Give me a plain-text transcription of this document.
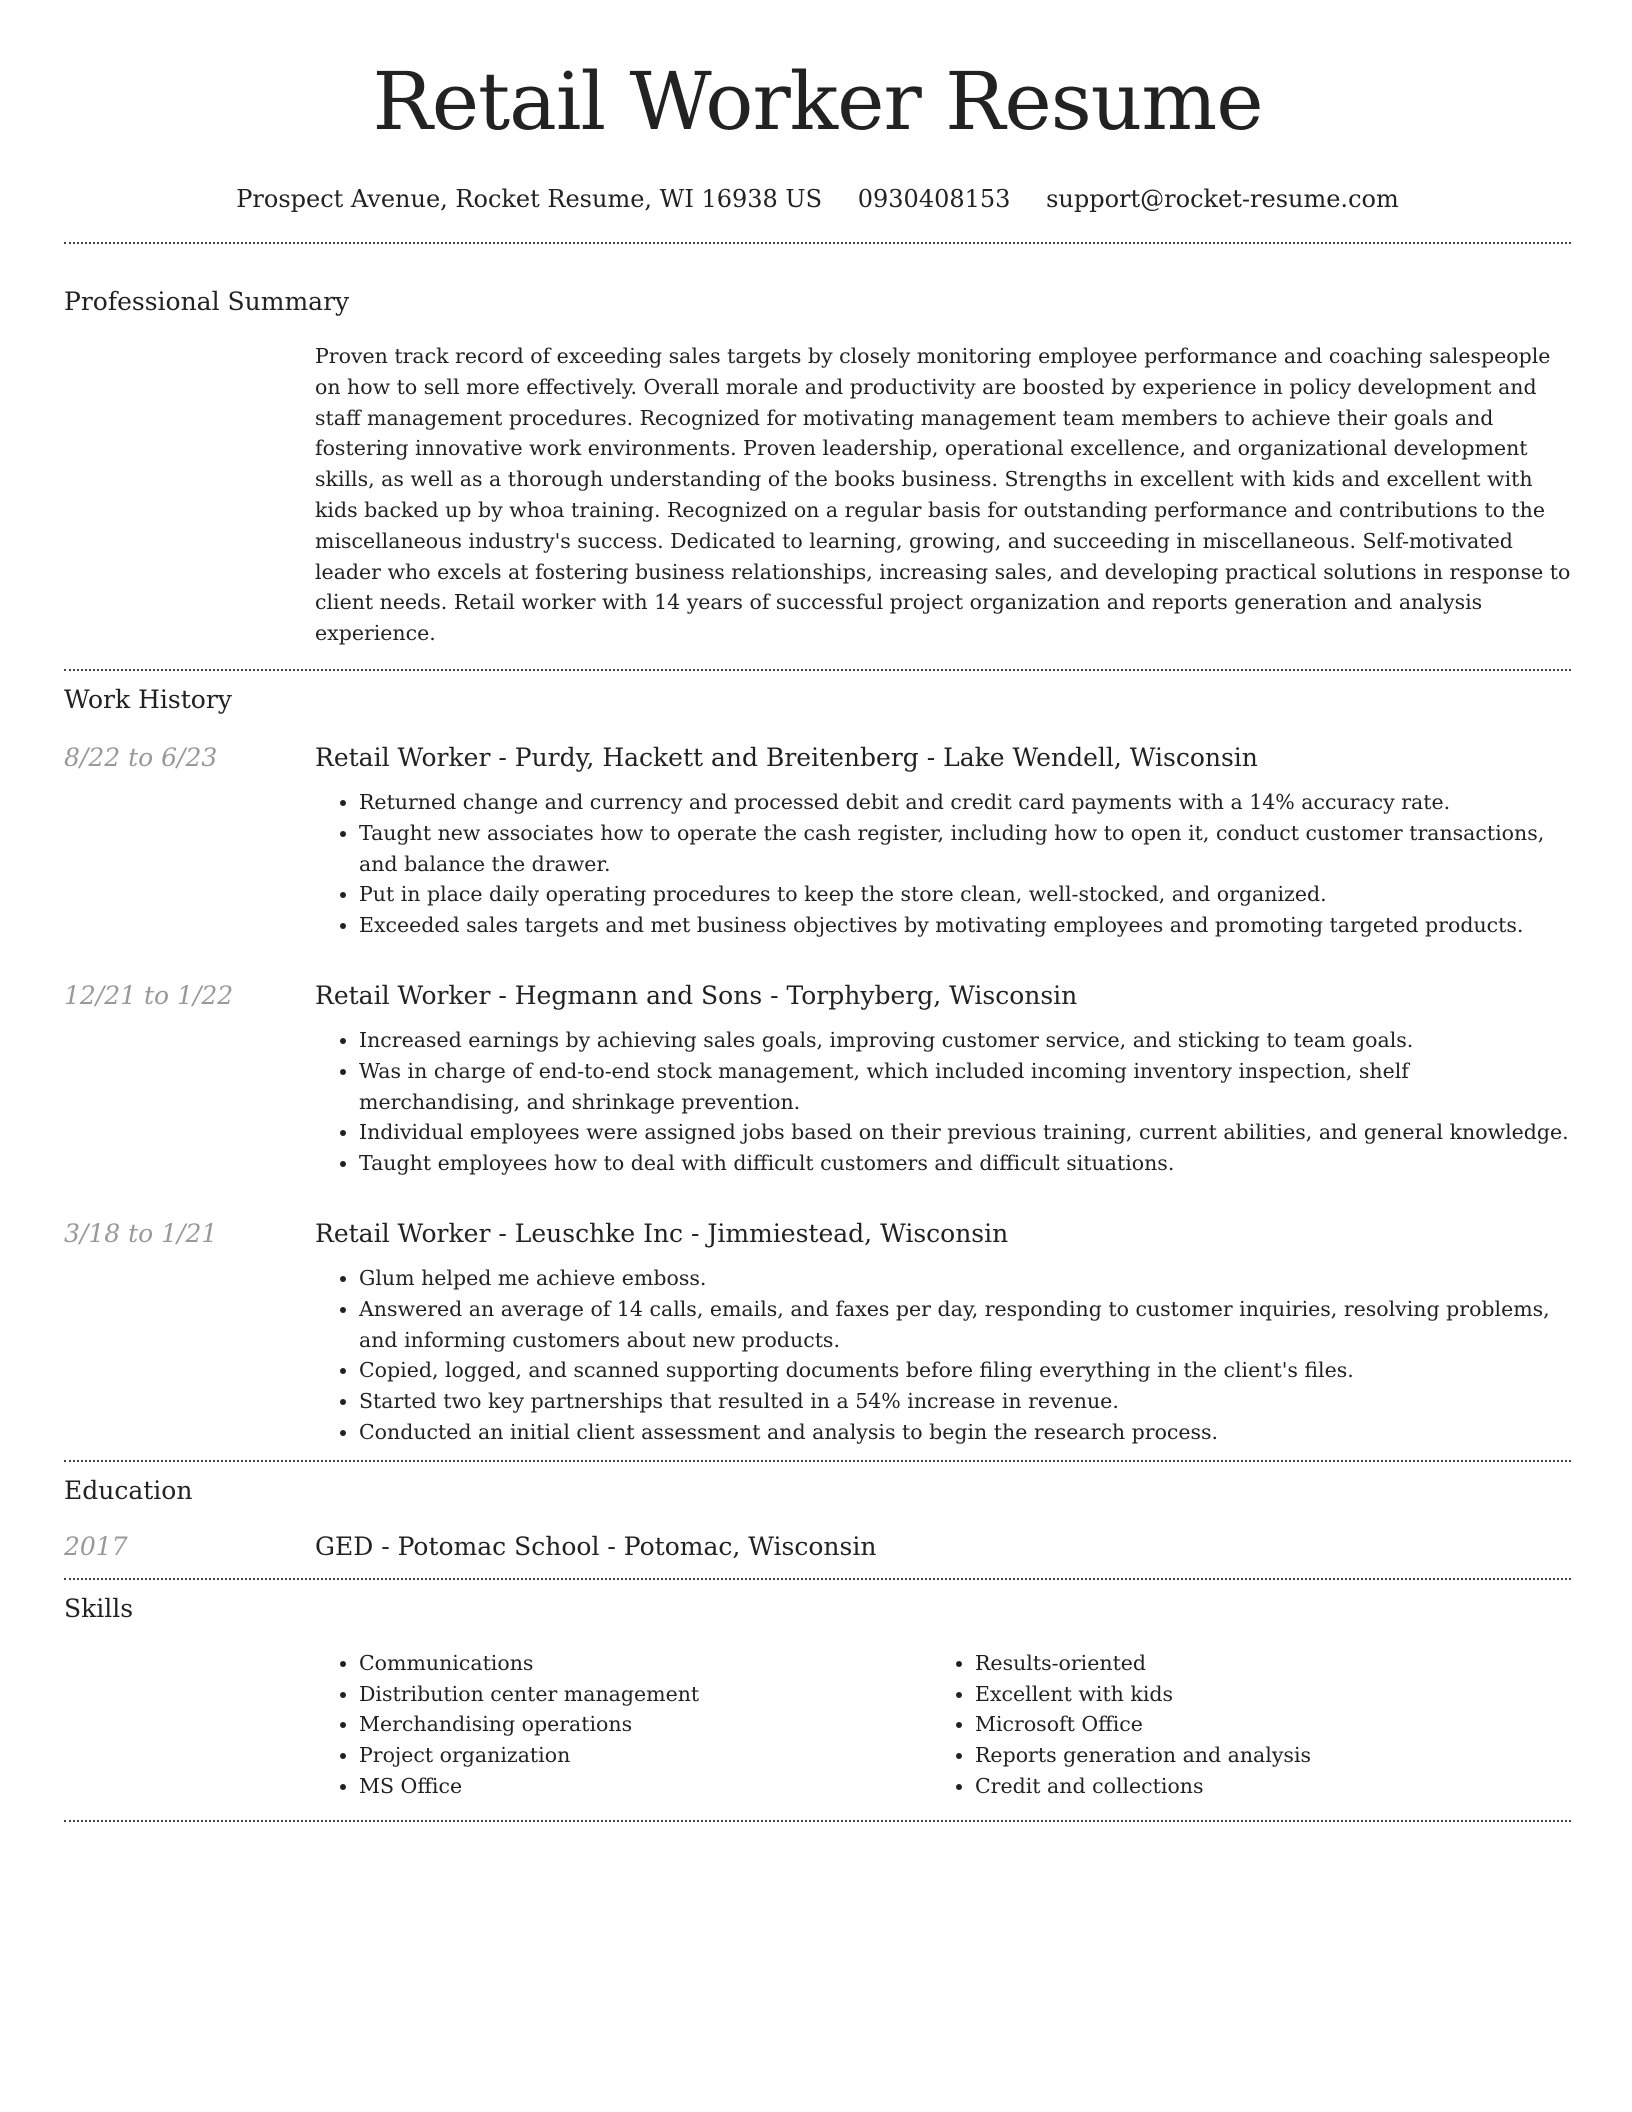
Retail Worker Resume
Prospect Avenue, Rocket Resume, WI 16938 US 0930408153 support@rocket-resume.com
Professional Summary

Proven track record of exceeding sales targets by closely monitoring employee performance and coaching salespeople on how to sell more effectively. Overall morale and productivity are boosted by experience in policy development and staff management procedures. Recognized for motivating management team members to achieve their goals and fostering innovative work environments. Proven leadership, operational excellence, and organizational development skills, as well as a thorough understanding of the books business. Strengths in excellent with kids and excellent with kids backed up by whoa training. Recognized on a regular basis for outstanding performance and contributions to the miscellaneous industry's success. Dedicated to learning, growing, and succeeding in miscellaneous. Self-motivated leader who excels at fostering business relationships, increasing sales, and developing practical solutions in response to client needs. Retail worker with 14 years of successful project organization and reports generation and analysis experience.

Work History
8/22 to 6/23	Retail Worker - Purdy, Hackett and Breitenberg - Lake Wendell, Wisconsin
• Returned change and currency and processed debit and credit card payments with a 14% accuracy rate.
• Taught new associates how to operate the cash register, including how to open it, conduct customer transactions, and balance the drawer.
• Put in place daily operating procedures to keep the store clean, well-stocked, and organized.
• Exceeded sales targets and met business objectives by motivating employees and promoting targeted products.
12/21 to 1/22	Retail Worker - Hegmann and Sons - Torphyberg, Wisconsin
• Increased earnings by achieving sales goals, improving customer service, and sticking to team goals.
• Was in charge of end-to-end stock management, which included incoming inventory inspection, shelf merchandising, and shrinkage prevention.
• Individual employees were assigned jobs based on their previous training, current abilities, and general knowledge.
• Taught employees how to deal with difficult customers and difficult situations.
3/18 to 1/21	Retail Worker - Leuschke Inc - Jimmiestead, Wisconsin
• Glum helped me achieve emboss.
• Answered an average of 14 calls, emails, and faxes per day, responding to customer inquiries, resolving problems, and informing customers about new products.
• Copied, logged, and scanned supporting documents before filing everything in the client's files.
• Started two key partnerships that resulted in a 54% increase in revenue.
• Conducted an initial client assessment and analysis to begin the research process.
Education
2017	GED - Potomac School - Potomac, Wisconsin
Skills
• Communications
• Distribution center management
• Merchandising operations
• Project organization
• MS Office
• Results-oriented
• Excellent with kids
• Microsoft Office
• Reports generation and analysis
• Credit and collections
